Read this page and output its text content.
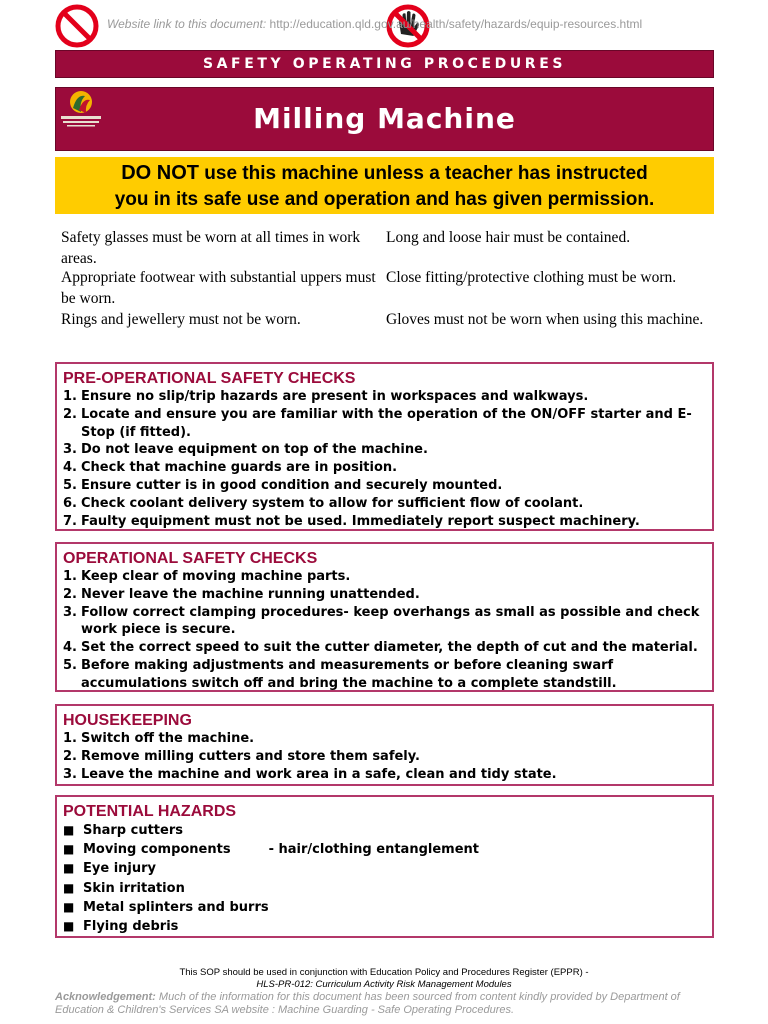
Website link to this document: http://education.qld.gov.au/health/safety/hazards/equip-resources.html
SAFETY OPERATING PROCEDURES
Milling Machine
DO NOT use this machine unless a teacher has instructed
you in its safe use and operation and has given permission.
Safety glasses must be worn at all times in work areas.
Appropriate footwear with substantial uppers must be worn.
Rings and jewellery must not be worn.
Long and loose hair must be contained.
Close fitting/protective clothing must be worn.
Gloves must not be worn when using this machine.
PRE-OPERATIONAL SAFETY CHECKS
1. Ensure no slip/trip hazards are present in workspaces and walkways.
2. Locate and ensure you are familiar with the operation of the ON/OFF starter and E-Stop (if fitted).
3. Do not leave equipment on top of the machine.
4. Check that machine guards are in position.
5. Ensure cutter is in good condition and securely mounted.
6. Check coolant delivery system to allow for sufficient flow of coolant.
7. Faulty equipment must not be used. Immediately report suspect machinery.
OPERATIONAL SAFETY CHECKS
1. Keep clear of moving machine parts.
2. Never leave the machine running unattended.
3. Follow correct clamping procedures- keep overhangs as small as possible and check work piece is secure.
4. Set the correct speed to suit the cutter diameter, the depth of cut and the material.
5. Before making adjustments and measurements or before cleaning swarf accumulations switch off and bring the machine to a complete standstill.
HOUSEKEEPING
1. Switch off the machine.
2. Remove milling cutters and store them safely.
3. Leave the machine and work area in a safe, clean and tidy state.
POTENTIAL HAZARDS
■ Sharp cutters
■ Moving components	- hair/clothing entanglement
■ Eye injury
■ Skin irritation
■ Metal splinters and burrs
■ Flying debris
This SOP should be used in conjunction with Education Policy and Procedures Register (EPPR) -
HLS-PR-012: Curriculum Activity Risk Management Modules
Acknowledgement: Much of the information for this document has been sourced from content kindly provided by Department of Education & Children's Services SA website : Machine Guarding - Safe Operating Procedures.
